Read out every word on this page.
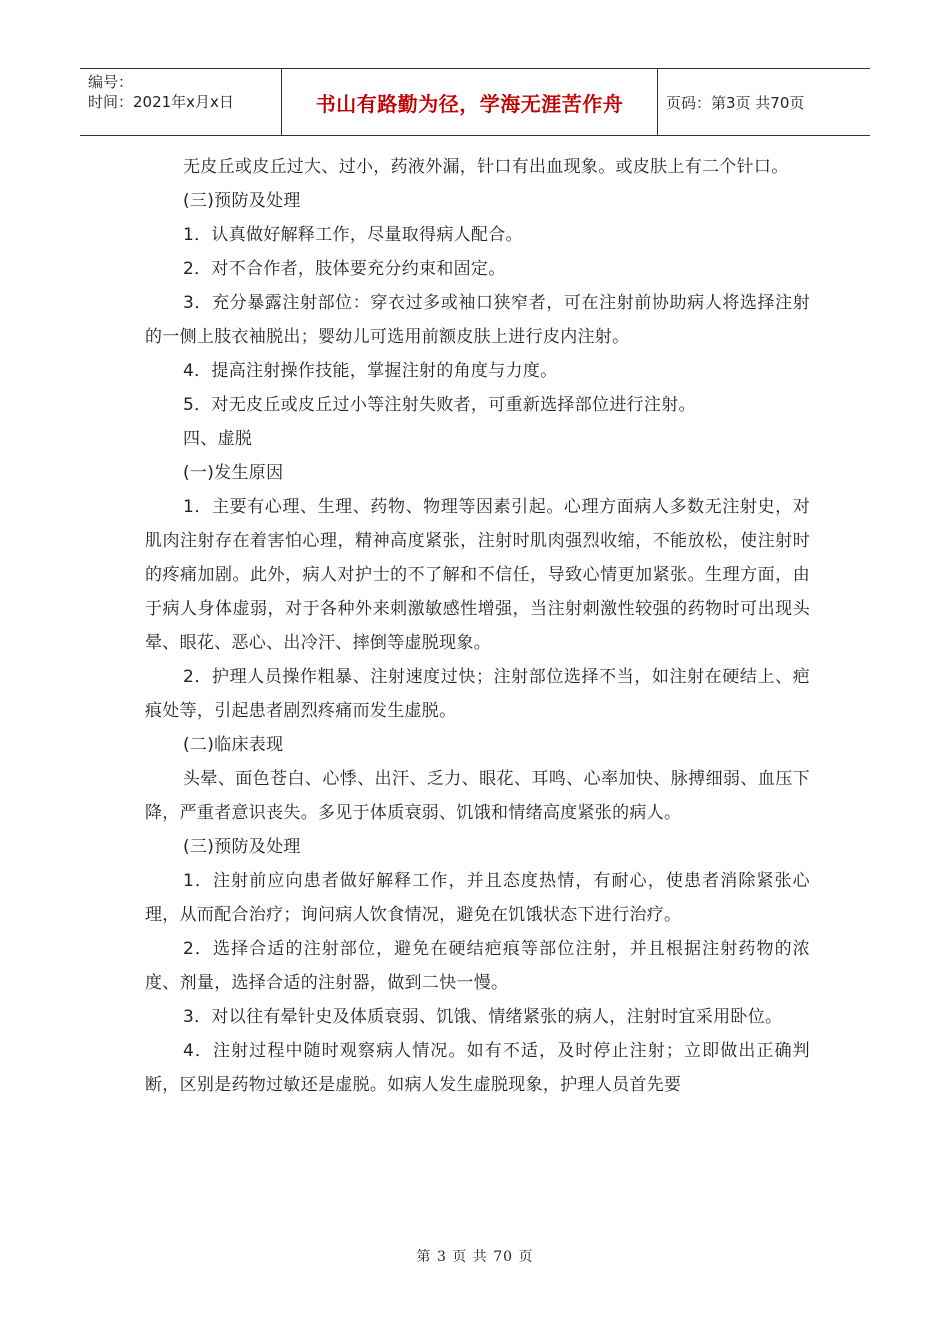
编号：
时间：2021年x月x日	书山有路勤为径，学海无涯苦作舟	页码：第3页 共70页

无皮丘或皮丘过大、过小，药液外漏，针口有出血现象。或皮肤上有二个针口。

(三)预防及处理

1．认真做好解释工作，尽量取得病人配合。

2．对不合作者，肢体要充分约束和固定。

3．充分暴露注射部位：穿衣过多或袖口狭窄者，可在注射前协助病人将选择注射的一侧上肢衣袖脱出；婴幼儿可选用前额皮肤上进行皮内注射。

4．提高注射操作技能，掌握注射的角度与力度。

5．对无皮丘或皮丘过小等注射失败者，可重新选择部位进行注射。

四、虚脱

(一)发生原因

1．主要有心理、生理、药物、物理等因素引起。心理方面病人多数无注射史，对肌肉注射存在着害怕心理，精神高度紧张，注射时肌肉强烈收缩，不能放松，使注射时的疼痛加剧。此外，病人对护士的不了解和不信任，导致心情更加紧张。生理方面，由于病人身体虚弱，对于各种外来刺激敏感性增强，当注射刺激性较强的药物时可出现头晕、眼花、恶心、出冷汗、摔倒等虚脱现象。

2．护理人员操作粗暴、注射速度过快；注射部位选择不当，如注射在硬结上、疤痕处等，引起患者剧烈疼痛而发生虚脱。

(二)临床表现

头晕、面色苍白、心悸、出汗、乏力、眼花、耳鸣、心率加快、脉搏细弱、血压下降，严重者意识丧失。多见于体质衰弱、饥饿和情绪高度紧张的病人。

(三)预防及处理

1．注射前应向患者做好解释工作，并且态度热情，有耐心，使患者消除紧张心理，从而配合治疗；询问病人饮食情况，避免在饥饿状态下进行治疗。

2．选择合适的注射部位，避免在硬结疤痕等部位注射，并且根据注射药物的浓度、剂量，选择合适的注射器，做到二快一慢。

3．对以往有晕针史及体质衰弱、饥饿、情绪紧张的病人，注射时宜采用卧位。

4．注射过程中随时观察病人情况。如有不适，及时停止注射；立即做出正确判断，区别是药物过敏还是虚脱。如病人发生虚脱现象，护理人员首先要

第 3 页 共 70 页
